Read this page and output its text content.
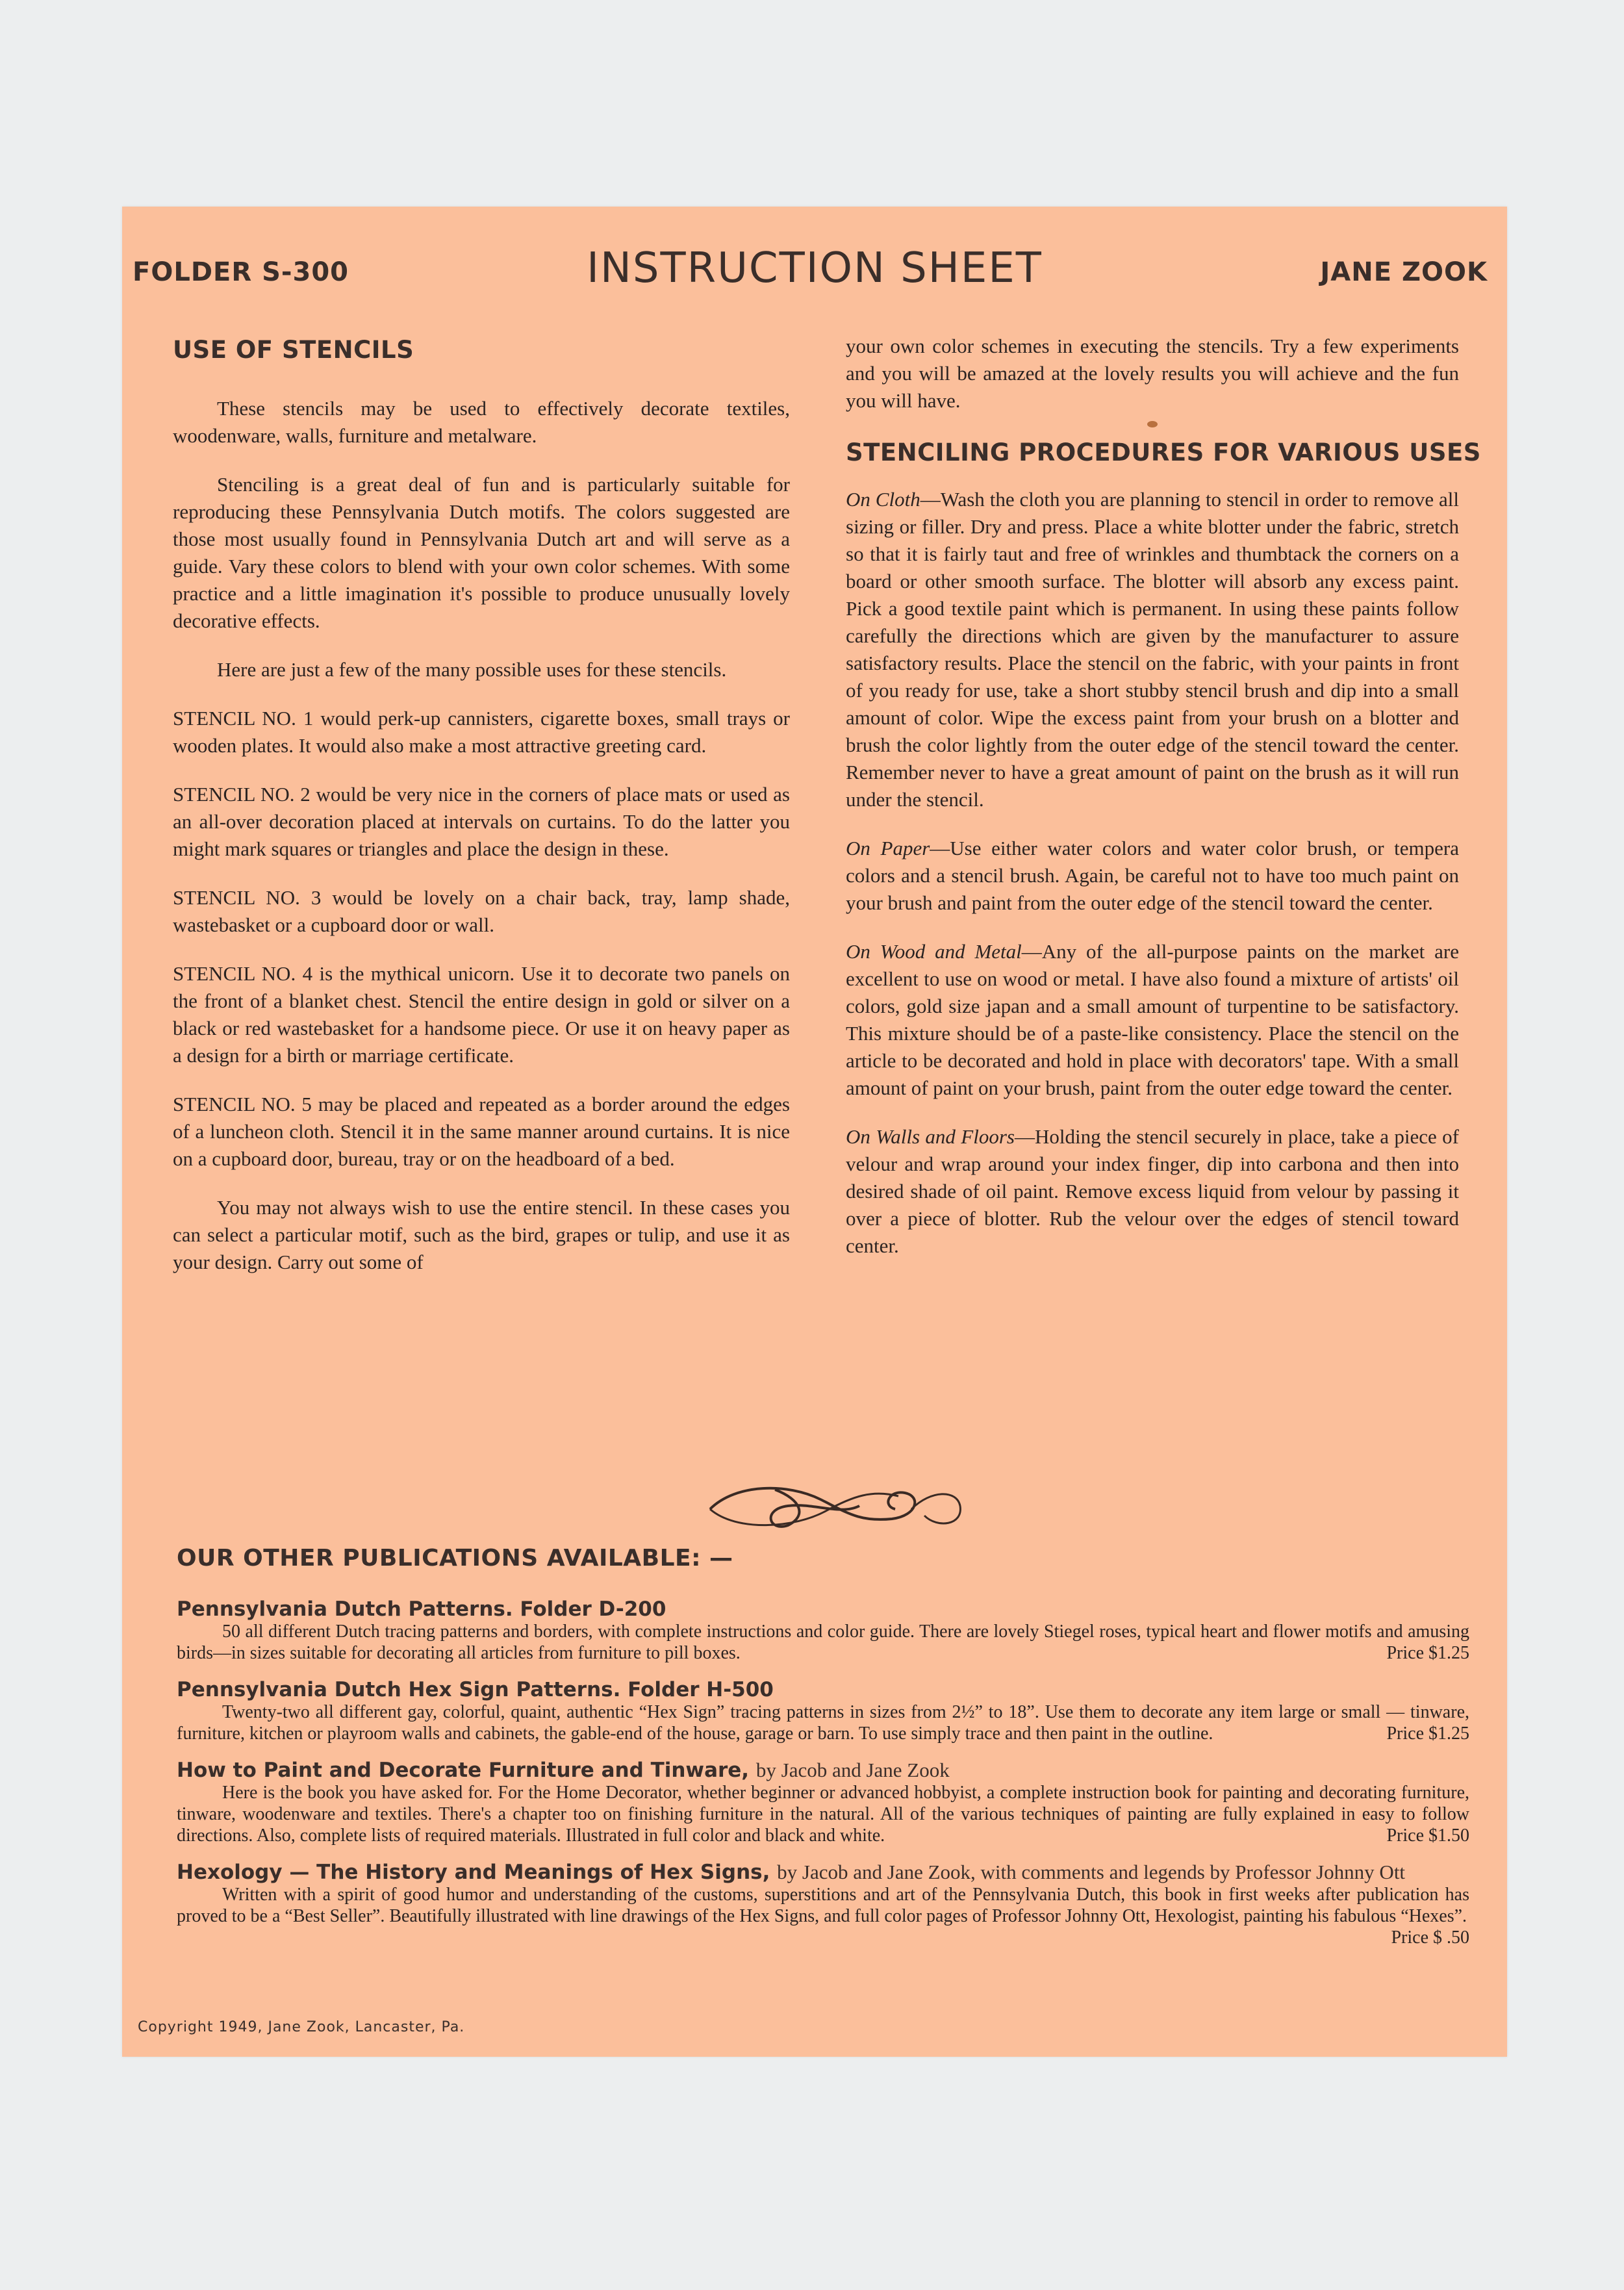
FOLDER S-300	INSTRUCTION SHEET	JANE ZOOK
USE OF STENCILS

These stencils may be used to effectively decorate textiles, woodenware, walls, furniture and metalware.

Stenciling is a great deal of fun and is particularly suitable for reproducing these Pennsylvania Dutch motifs. The colors suggested are those most usually found in Pennsylvania Dutch art and will serve as a guide. Vary these colors to blend with your own color schemes. With some practice and a little imagination it's possible to produce unusually lovely decorative effects.

Here are just a few of the many possible uses for these stencils.

STENCIL NO. 1 would perk-up cannisters, cigarette boxes, small trays or wooden plates. It would also make a most attractive greeting card.

STENCIL NO. 2 would be very nice in the corners of place mats or used as an all-over decoration placed at intervals on curtains. To do the latter you might mark squares or triangles and place the design in these.

STENCIL NO. 3 would be lovely on a chair back, tray, lamp shade, wastebasket or a cupboard door or wall.

STENCIL NO. 4 is the mythical unicorn. Use it to decorate two panels on the front of a blanket chest. Stencil the entire design in gold or silver on a black or red wastebasket for a handsome piece. Or use it on heavy paper as a design for a birth or marriage certificate.

STENCIL NO. 5 may be placed and repeated as a border around the edges of a luncheon cloth. Stencil it in the same manner around curtains. It is nice on a cupboard door, bureau, tray or on the headboard of a bed.

You may not always wish to use the entire stencil. In these cases you can select a particular motif, such as the bird, grapes or tulip, and use it as your design. Carry out some of

your own color schemes in executing the stencils. Try a few experiments and you will be amazed at the lovely results you will achieve and the fun you will have.

STENCILING PROCEDURES FOR VARIOUS USES

On Cloth—Wash the cloth you are planning to stencil in order to remove all sizing or filler. Dry and press. Place a white blotter under the fabric, stretch so that it is fairly taut and free of wrinkles and thumbtack the corners on a board or other smooth surface. The blotter will absorb any excess paint. Pick a good textile paint which is permanent. In using these paints follow carefully the directions which are given by the manufacturer to assure satisfactory results. Place the stencil on the fabric, with your paints in front of you ready for use, take a short stubby stencil brush and dip into a small amount of color. Wipe the excess paint from your brush on a blotter and brush the color lightly from the outer edge of the stencil toward the center. Remember never to have a great amount of paint on the brush as it will run under the stencil.

On Paper—Use either water colors and water color brush, or tempera colors and a stencil brush. Again, be careful not to have too much paint on your brush and paint from the outer edge of the stencil toward the center.

On Wood and Metal—Any of the all-purpose paints on the market are excellent to use on wood or metal. I have also found a mixture of artists' oil colors, gold size japan and a small amount of turpentine to be satisfactory. This mixture should be of a paste-like consistency. Place the stencil on the article to be decorated and hold in place with decorators' tape. With a small amount of paint on your brush, paint from the outer edge toward the center.

On Walls and Floors—Holding the stencil securely in place, take a piece of velour and wrap around your index finger, dip into carbona and then into desired shade of oil paint. Remove excess liquid from velour by passing it over a piece of blotter. Rub the velour over the edges of stencil toward center.

OUR OTHER PUBLICATIONS AVAILABLE: —
Pennsylvania Dutch Patterns. Folder D-200
50 all different Dutch tracing patterns and borders, with complete instructions and color guide. There are lovely Stiegel roses, typical heart and flower motifs and amusing birds—in sizes suitable for decorating all articles from furniture to pill boxes.	Price $1.25
Pennsylvania Dutch Hex Sign Patterns. Folder H-500
Twenty-two all different gay, colorful, quaint, authentic “Hex Sign” tracing patterns in sizes from 2½” to 18”. Use them to decorate any item large or small — tinware, furniture, kitchen or playroom walls and cabinets, the gable-end of the house, garage or barn. To use simply trace and then paint in the outline.	Price $1.25
How to Paint and Decorate Furniture and Tinware, by Jacob and Jane Zook
Here is the book you have asked for. For the Home Decorator, whether beginner or advanced hobbyist, a complete instruction book for painting and decorating furniture, tinware, woodenware and textiles. There's a chapter too on finishing furniture in the natural. All of the various techniques of painting are fully explained in easy to follow directions. Also, complete lists of required materials. Illustrated in full color and black and white.	Price $1.50
Hexology — The History and Meanings of Hex Signs, by Jacob and Jane Zook, with comments and legends by Professor Johnny Ott
Written with a spirit of good humor and understanding of the customs, superstitions and art of the Pennsylvania Dutch, this book in first weeks after publication has proved to be a “Best Seller”. Beautifully illustrated with line drawings of the Hex Signs, and full color pages of Professor Johnny Ott, Hexologist, painting his fabulous “Hexes”.
Price $ .50
Copyright 1949, Jane Zook, Lancaster, Pa.
